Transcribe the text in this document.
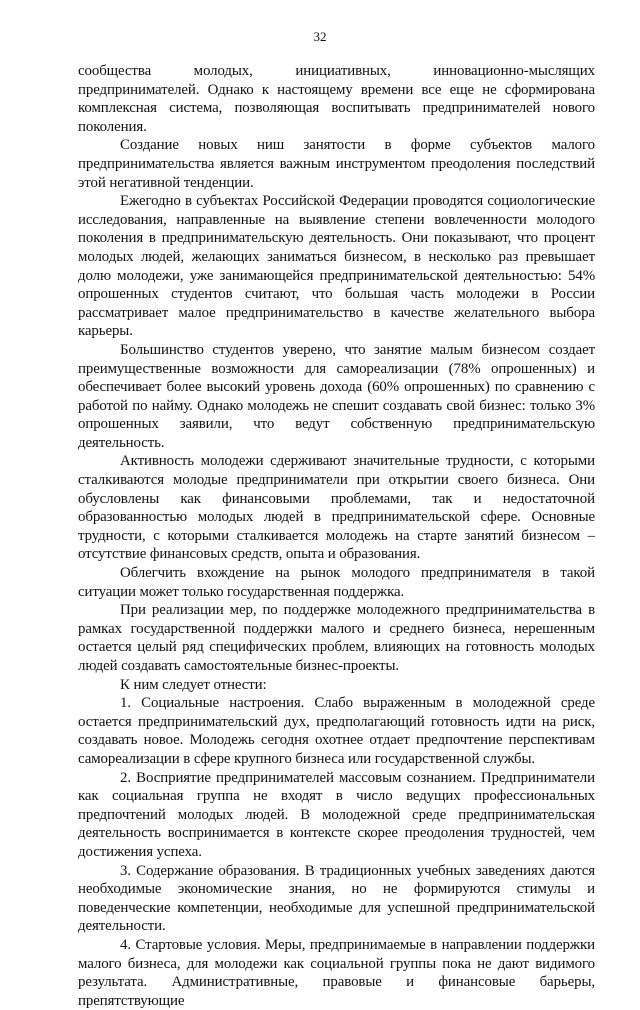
32

сообщества молодых, инициативных, инновационно-мыслящих предпринимателей. Однако к настоящему времени все еще не сформирована комплексная система, позволяющая воспитывать предпринимателей нового поколения.

Создание новых ниш занятости в форме субъектов малого предпринимательства является важным инструментом преодоления последствий этой негативной тенденции.

Ежегодно в субъектах Российской Федерации проводятся социологические исследования, направленные на выявление степени вовлеченности молодого поколения в предпринимательскую деятельность. Они показывают, что процент молодых людей, желающих заниматься бизнесом, в несколько раз превышает долю молодежи, уже занимающейся предпринимательской деятельностью: 54% опрошенных студентов считают, что большая часть молодежи в России рассматривает малое предпринимательство в качестве желательного выбора карьеры.

Большинство студентов уверено, что занятие малым бизнесом создает преимущественные возможности для самореализации (78% опрошенных) и обеспечивает более высокий уровень дохода (60% опрошенных) по сравнению с работой по найму. Однако молодежь не спешит создавать свой бизнес: только 3% опрошенных заявили, что ведут собственную предпринимательскую деятельность.

Активность молодежи сдерживают значительные трудности, с которыми сталкиваются молодые предприниматели при открытии своего бизнеса. Они обусловлены как финансовыми проблемами, так и недостаточной образованностью молодых людей в предпринимательской сфере. Основные трудности, с которыми сталкивается молодежь на старте занятий бизнесом – отсутствие финансовых средств, опыта и образования.

Облегчить вхождение на рынок молодого предпринимателя в такой ситуации может только государственная поддержка.

При реализации мер, по поддержке молодежного предпринимательства в рамках государственной поддержки малого и среднего бизнеса, нерешенным остается целый ряд специфических проблем, влияющих на готовность молодых людей создавать самостоятельные бизнес-проекты.

К ним следует отнести:

1. Социальные настроения. Слабо выраженным в молодежной среде остается предпринимательский дух, предполагающий готовность идти на риск, создавать новое. Молодежь сегодня охотнее отдает предпочтение перспективам самореализации в сфере крупного бизнеса или государственной службы.

2. Восприятие предпринимателей массовым сознанием. Предприниматели как социальная группа не входят в число ведущих профессиональных предпочтений молодых людей. В молодежной среде предпринимательская деятельность воспринимается в контексте скорее преодоления трудностей, чем достижения успеха.

3. Содержание образования. В традиционных учебных заведениях даются необходимые экономические знания, но не формируются стимулы и поведенческие компетенции, необходимые для успешной предпринимательской деятельности.

4. Стартовые условия. Меры, предпринимаемые в направлении поддержки малого бизнеса, для молодежи как социальной группы пока не дают видимого результата. Административные, правовые и финансовые барьеры, препятствующие
